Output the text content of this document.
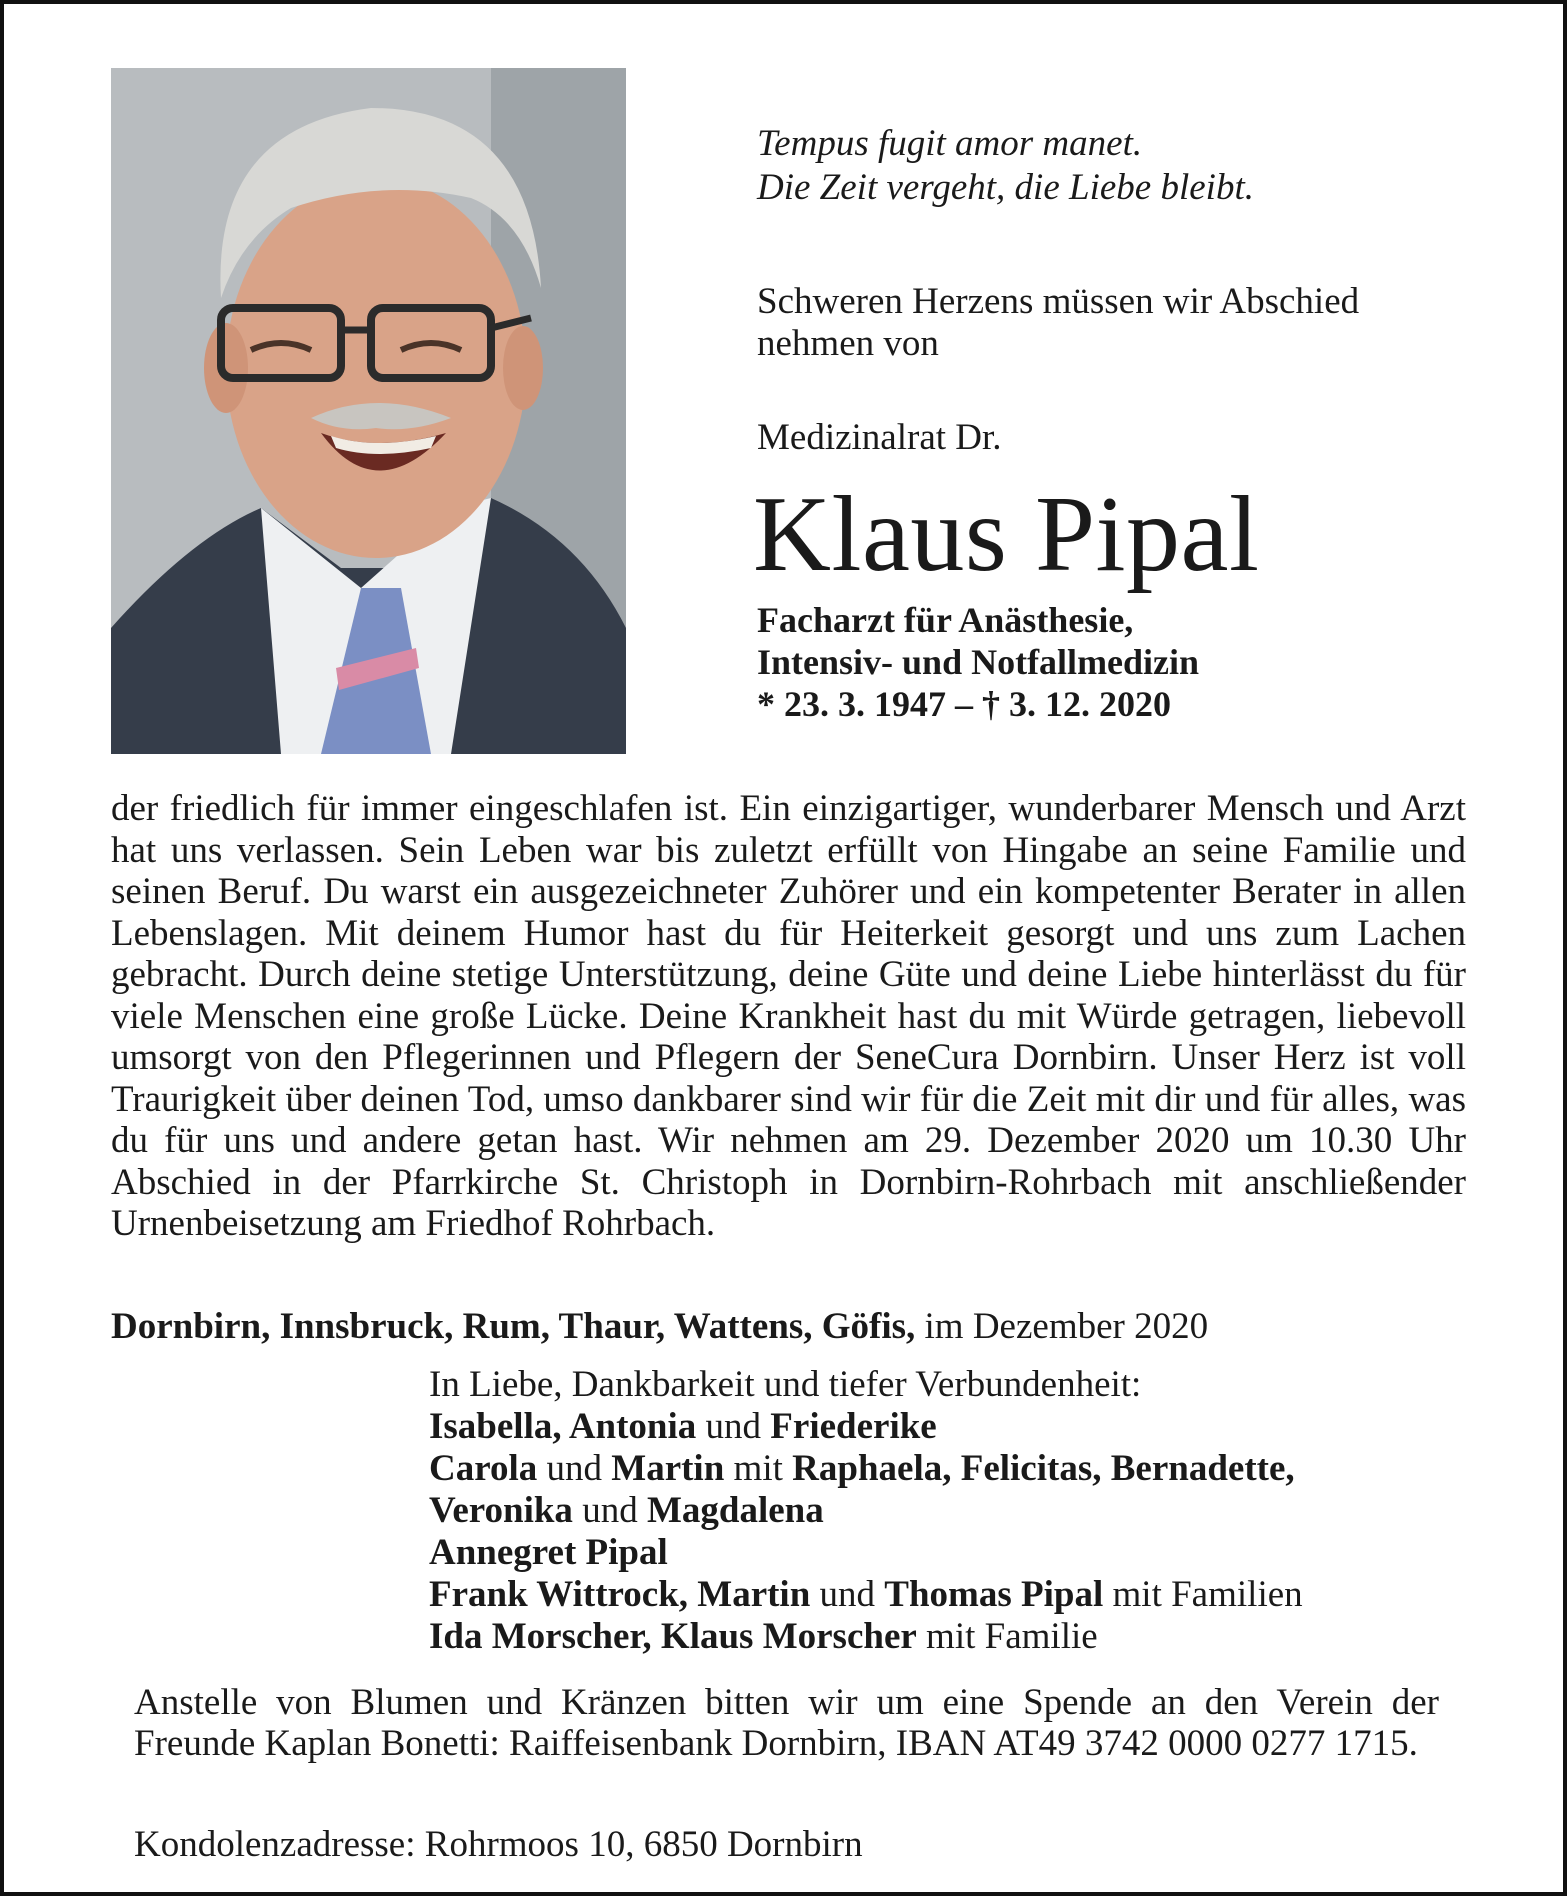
Tempus fugit amor manet.
Die Zeit vergeht, die Liebe bleibt.
Schweren Herzens müssen wir Abschied
nehmen von
Medizinalrat Dr.
Klaus Pipal
Facharzt für Anästhesie,
Intensiv- und Notfallmedizin
* 23. 3. 1947 – † 3. 12. 2020

der friedlich für immer eingeschlafen ist. Ein einzigartiger, wunderbarer Mensch und Arzt hat uns verlassen. Sein Leben war bis zuletzt erfüllt von Hingabe an seine Familie und seinen Beruf. Du warst ein ausgezeichneter Zuhörer und ein kompetenter Berater in allen Lebenslagen. Mit deinem Humor hast du für Heiterkeit gesorgt und uns zum Lachen gebracht. Durch deine stetige Unterstützung, deine Güte und deine Liebe hinterlässt du für viele Menschen eine große Lücke. Deine Krankheit hast du mit Würde getragen, liebevoll umsorgt von den Pflegerinnen und Pflegern der SeneCura Dornbirn. Unser Herz ist voll Traurigkeit über deinen Tod, umso dankbarer sind wir für die Zeit mit dir und für alles, was du für uns und andere getan hast. Wir nehmen am 29. Dezember 2020 um 10.30 Uhr Abschied in der Pfarrkirche St. Christoph in Dornbirn-Rohrbach mit anschließender Urnenbeisetzung am Friedhof Rohrbach.

Dornbirn, Innsbruck, Rum, Thaur, Wattens, Göfis, im Dezember 2020
In Liebe, Dankbarkeit und tiefer Verbundenheit:
Isabella, Antonia und Friederike
Carola und Martin mit Raphaela, Felicitas, Bernadette,
Veronika und Magdalena
Annegret Pipal
Frank Wittrock, Martin und Thomas Pipal mit Familien
Ida Morscher, Klaus Morscher mit Familie

Anstelle von Blumen und Kränzen bitten wir um eine Spende an den Verein der Freunde Kaplan Bonetti: Raiffeisenbank Dornbirn, IBAN AT49 3742 0000 0277 1715.

Kondolenzadresse: Rohrmoos 10, 6850 Dornbirn
